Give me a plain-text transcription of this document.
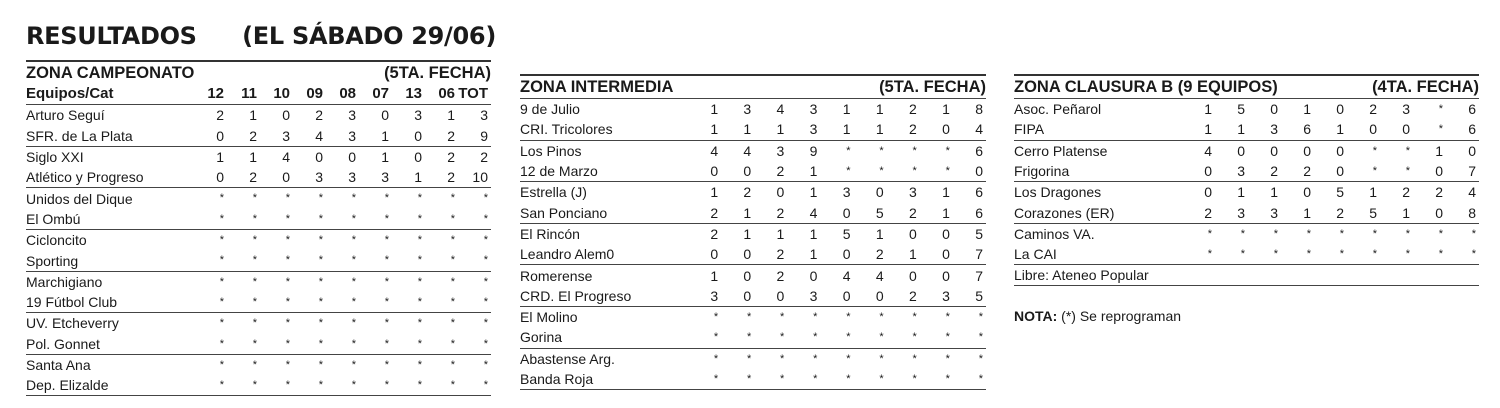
RESULTADOS (EL SÁBADO 29/06)
ZONA CAMPEONATO	(5TA. FECHA)
Equipos/Cat	12	11	10	09	08	07	13	06	TOT
Arturo Seguí	2	1	0	2	3	0	3	1	3
SFR. de La Plata	0	2	3	4	3	1	0	2	9
Siglo XXI	1	1	4	0	0	1	0	2	2
Atlético y Progreso	0	2	0	3	3	3	1	2	10
Unidos del Dique	*	*	*	*	*	*	*	*	*
El Ombú	*	*	*	*	*	*	*	*	*
Cicloncito	*	*	*	*	*	*	*	*	*
Sporting	*	*	*	*	*	*	*	*	*
Marchigiano	*	*	*	*	*	*	*	*	*
19 Fútbol Club	*	*	*	*	*	*	*	*	*
UV. Etcheverry	*	*	*	*	*	*	*	*	*
Pol. Gonnet	*	*	*	*	*	*	*	*	*
Santa Ana	*	*	*	*	*	*	*	*	*
Dep. Elizalde	*	*	*	*	*	*	*	*	*
ZONA INTERMEDIA	(5TA. FECHA)
9 de Julio	1	3	4	3	1	1	2	1	8
CRI. Tricolores	1	1	1	3	1	1	2	0	4
Los Pinos	4	4	3	9	*	*	*	*	6
12 de Marzo	0	0	2	1	*	*	*	*	0
Estrella (J)	1	2	0	1	3	0	3	1	6
San Ponciano	2	1	2	4	0	5	2	1	6
El Rincón	2	1	1	1	5	1	0	0	5
Leandro Alem0	0	0	2	1	0	2	1	0	7
Romerense	1	0	2	0	4	4	0	0	7
CRD. El Progreso	3	0	0	3	0	0	2	3	5
El Molino	*	*	*	*	*	*	*	*	*
Gorina	*	*	*	*	*	*	*	*	*
Abastense Arg.	*	*	*	*	*	*	*	*	*
Banda Roja	*	*	*	*	*	*	*	*	*
ZONA CLAUSURA B (9 EQUIPOS)	(4TA. FECHA)
Asoc. Peñarol	1	5	0	1	0	2	3	*	6
FIPA	1	1	3	6	1	0	0	*	6
Cerro Platense	4	0	0	0	0	*	*	1	0
Frigorina	0	3	2	2	0	*	*	0	7
Los Dragones	0	1	1	0	5	1	2	2	4
Corazones (ER)	2	3	3	1	2	5	1	0	8
Caminos VA.	*	*	*	*	*	*	*	*	*
La CAI	*	*	*	*	*	*	*	*	*
Libre: Ateneo Popular
NOTA: (*) Se reprograman
